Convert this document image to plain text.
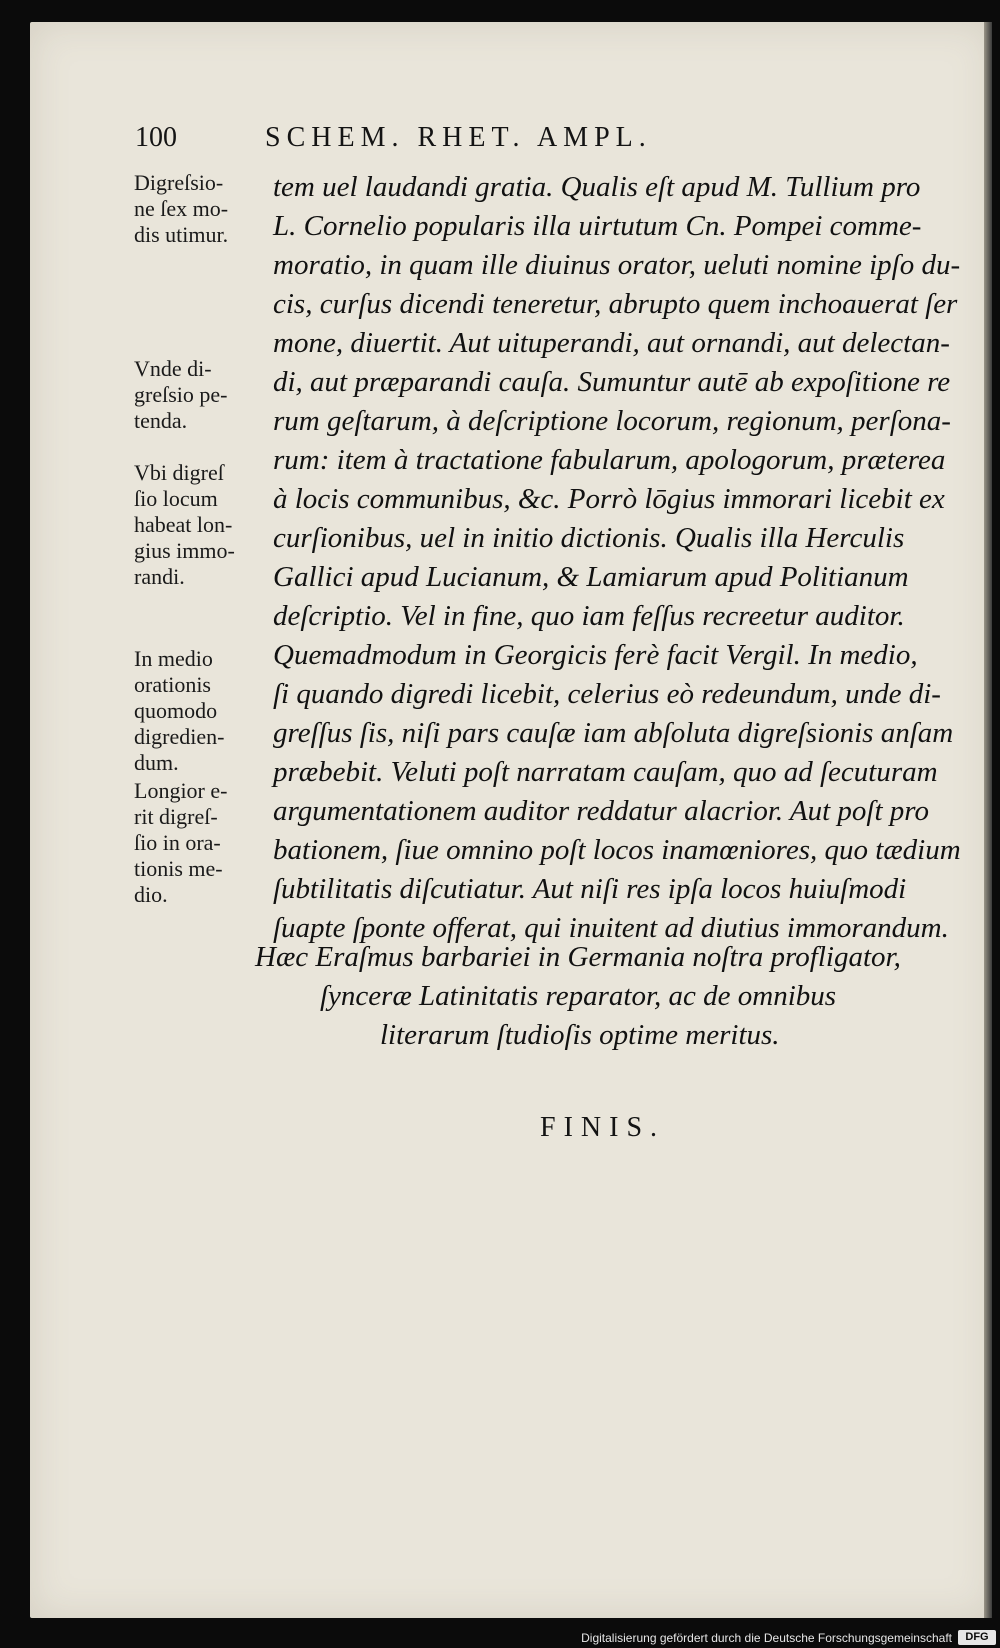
100	SCHEM. RHET. AMPL.
Digreſsio-
ne ſex mo-
dis utimur.
Vnde di-
greſsio pe-
tenda.
Vbi digreſ
ſio locum
habeat lon-
gius immo-
randi.
In medio
orationis
quomodo
digredien-
dum.
Longior e-
rit digreſ-
ſio in ora-
tionis me-
dio.
tem uel laudandi gratia. Qualis eſt apud M. Tullium pro
L. Cornelio popularis illa uirtutum Cn. Pompei comme-
moratio, in quam ille diuinus orator, ueluti nomine ipſo du-
cis, curſus dicendi teneretur, abrupto quem inchoauerat ſer
mone, diuertit. Aut uituperandi, aut ornandi, aut delectan-
di, aut præparandi cauſa. Sumuntur autē ab expoſitione re
rum geſtarum, à deſcriptione locorum, regionum, perſona-
rum: item à tractatione fabularum, apologorum, præterea
à locis communibus, &c. Porrò lōgius immorari licebit ex
curſionibus, uel in initio dictionis. Qualis illa Herculis
Gallici apud Lucianum, & Lamiarum apud Politianum
deſcriptio. Vel in fine, quo iam feſſus recreetur auditor.
Quemadmodum in Georgicis ferè facit Vergil. In medio,
ſi quando digredi licebit, celerius eò redeundum, unde di-
greſſus ſis, niſi pars cauſæ iam abſoluta digreſsionis anſam
præbebit. Veluti poſt narratam cauſam, quo ad ſecuturam
argumentationem auditor reddatur alacrior. Aut poſt pro
bationem, ſiue omnino poſt locos inamœniores, quo tædium
ſubtilitatis diſcutiatur. Aut niſi res ipſa locos huiuſmodi
ſuapte ſponte offerat, qui inuitent ad diutius immorandum.
Hæc Eraſmus barbariei in Germania noſtra profligator,
ſynceræ Latinitatis reparator, ac de omnibus
literarum ſtudioſis optime meritus.
FINIS.
Digitalisierung gefördert durch die Deutsche Forschungsgemeinschaft	DFG
